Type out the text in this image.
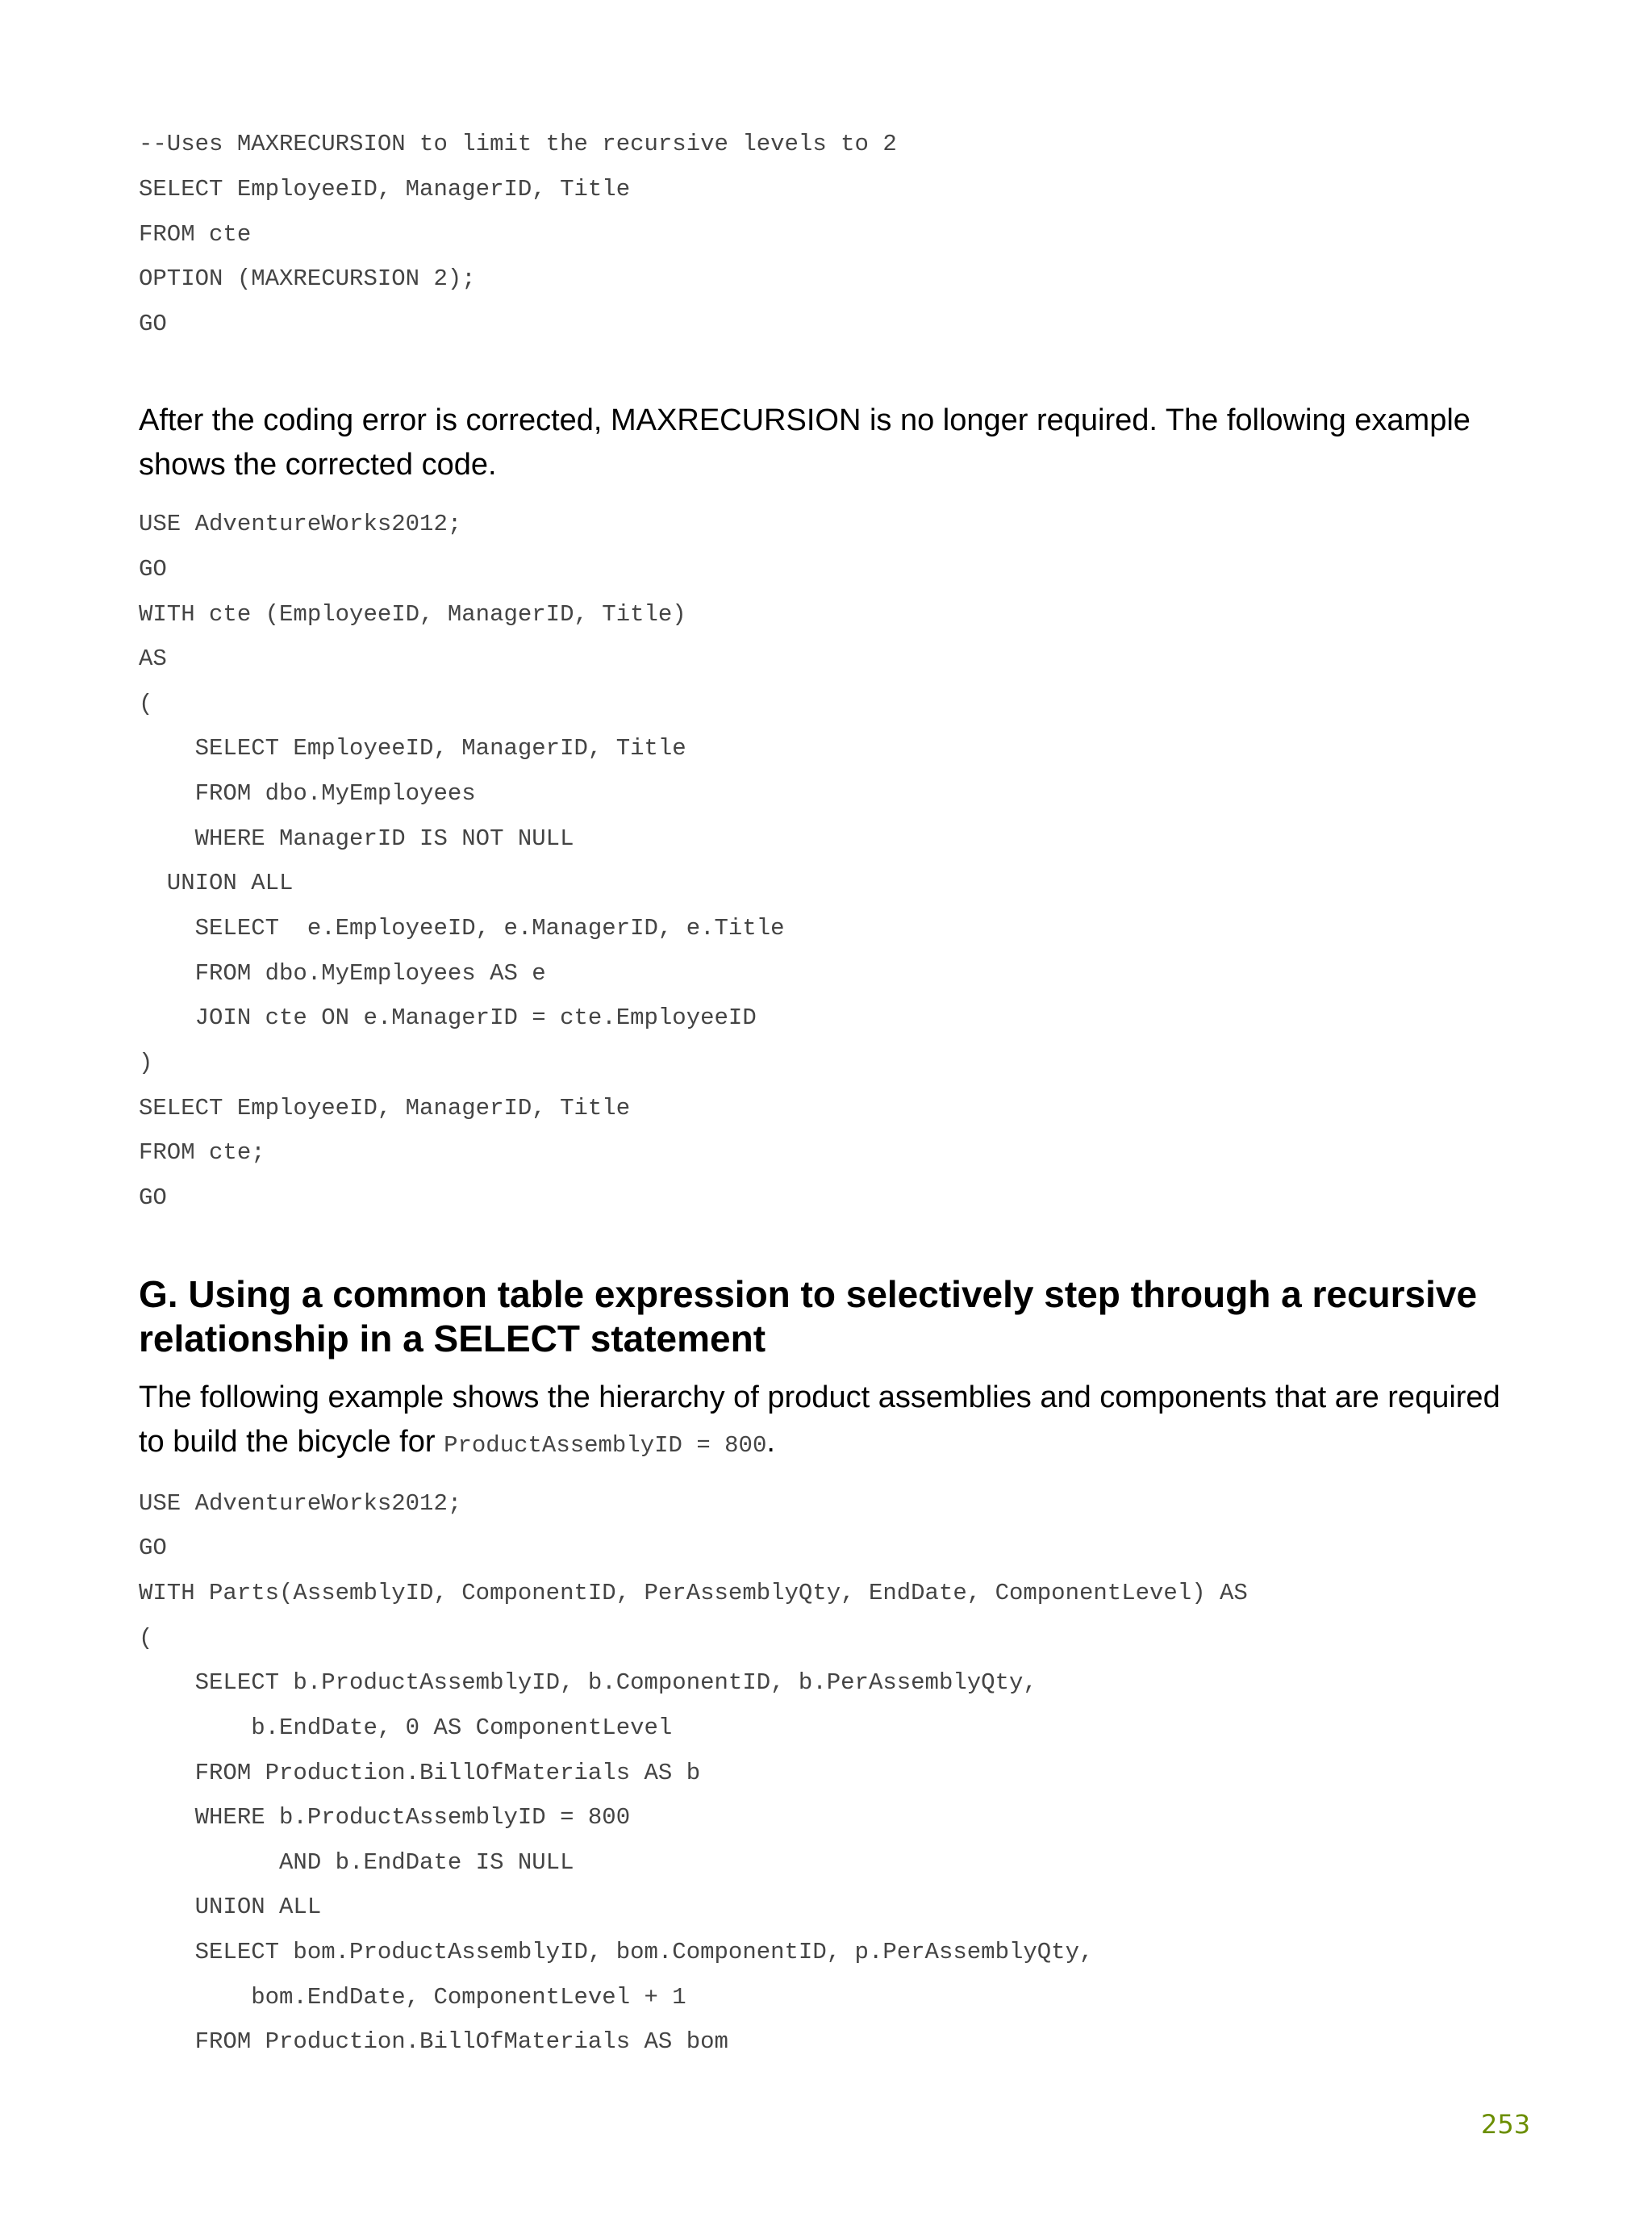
--Uses MAXRECURSION to limit the recursive levels to 2
SELECT EmployeeID, ManagerID, Title
FROM cte
OPTION (MAXRECURSION 2);
GO

After the coding error is corrected, MAXRECURSION is no longer required. The following example shows the corrected code.

USE AdventureWorks2012;
GO
WITH cte (EmployeeID, ManagerID, Title)
AS
(
SELECT EmployeeID, ManagerID, Title
FROM dbo.MyEmployees
WHERE ManagerID IS NOT NULL
UNION ALL
SELECT  e.EmployeeID, e.ManagerID, e.Title
FROM dbo.MyEmployees AS e
JOIN cte ON e.ManagerID = cte.EmployeeID
)
SELECT EmployeeID, ManagerID, Title
FROM cte;
GO
G. Using a common table expression to selectively step through a recursive relationship in a SELECT statement

The following example shows the hierarchy of product assemblies and components that are required to build the bicycle for ProductAssemblyID = 800.

USE AdventureWorks2012;
GO
WITH Parts(AssemblyID, ComponentID, PerAssemblyQty, EndDate, ComponentLevel) AS
(
SELECT b.ProductAssemblyID, b.ComponentID, b.PerAssemblyQty,
b.EndDate, 0 AS ComponentLevel
FROM Production.BillOfMaterials AS b
WHERE b.ProductAssemblyID = 800
AND b.EndDate IS NULL
UNION ALL
SELECT bom.ProductAssemblyID, bom.ComponentID, p.PerAssemblyQty,
bom.EndDate, ComponentLevel + 1
FROM Production.BillOfMaterials AS bom
253
